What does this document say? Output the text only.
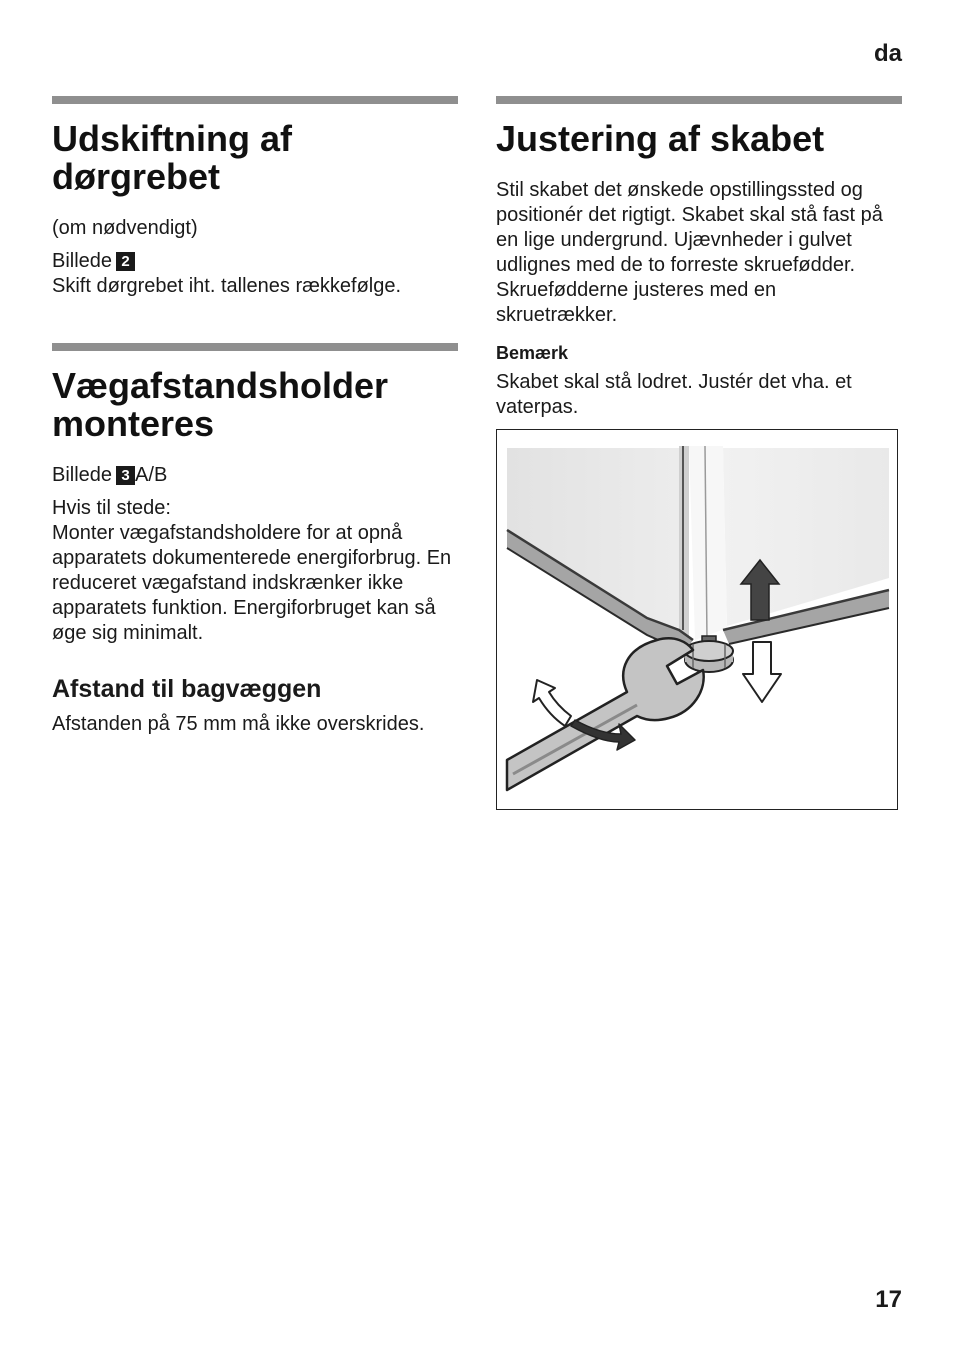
da
Udskiftning af dørgrebet

(om nødvendigt)

Billede 2

Skift dørgrebet iht. tallenes rækkefølge.

Vægafstandsholder monteres

Billede 3 A/B

Hvis til stede:

Monter vægafstandsholdere for at opnå apparatets dokumenterede energiforbrug. En reduceret vægafstand indskrænker ikke apparatets funktion. Energiforbruget kan så øge sig minimalt.

Afstand til bagvæggen

Afstanden på 75 mm må ikke overskrides.

Justering af skabet

Stil skabet det ønskede opstillingssted og positionér det rigtigt. Skabet skal stå fast på en lige undergrund. Ujævnheder i gulvet udlignes med de to forreste skruefødder. Skruefødderne justeres med en skruetrækker.

Bemærk

Skabet skal stå lodret. Justér det vha. et vaterpas.

17
